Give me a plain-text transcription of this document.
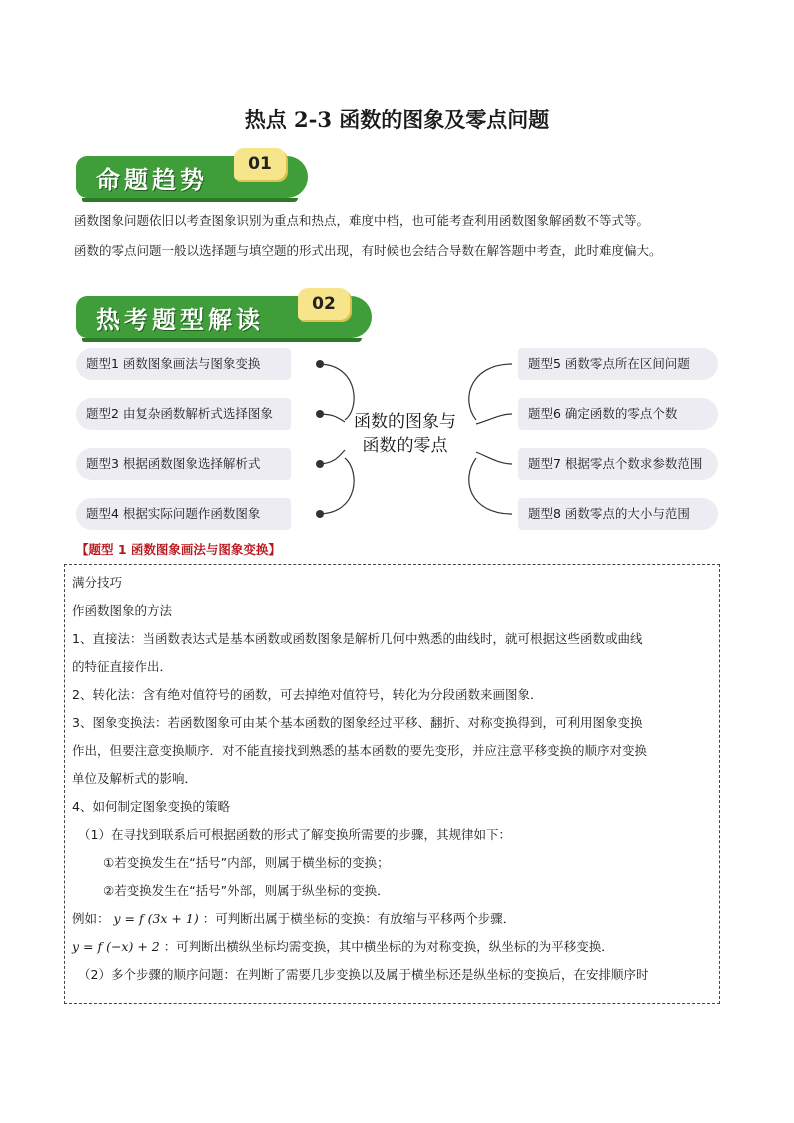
热点 2-3 函数的图象及零点问题
命题趋势
01
函数图象问题依旧以考查图象识别为重点和热点，难度中档，也可能考查利用函数图象解函数不等式等。
函数的零点问题一般以选择题与填空题的形式出现，有时候也会结合导数在解答题中考查，此时难度偏大。
热考题型解读
02
题型1 函数图象画法与图象变换
题型2 由复杂函数解析式选择图象
题型3 根据函数图象选择解析式
题型4 根据实际问题作函数图象
题型5 函数零点所在区间问题
题型6 确定函数的零点个数
题型7 根据零点个数求参数范围
题型8 函数零点的大小与范围
函数的图象与
函数的零点
【题型 1 函数图象画法与图象变换】
满分技巧
作函数图象的方法
1、直接法：当函数表达式是基本函数或函数图象是解析几何中熟悉的曲线时，就可根据这些函数或曲线
的特征直接作出．
2、转化法：含有绝对值符号的函数，可去掉绝对值符号，转化为分段函数来画图象．
3、图象变换法：若函数图象可由某个基本函数的图象经过平移、翻折、对称变换得到，可利用图象变换
作出，但要注意变换顺序．对不能直接找到熟悉的基本函数的要先变形，并应注意平移变换的顺序对变换
单位及解析式的影响．
4、如何制定图象变换的策略
（1）在寻找到联系后可根据函数的形式了解变换所需要的步骤，其规律如下：
①若变换发生在“括号”内部，则属于横坐标的变换；
②若变换发生在“括号”外部，则属于纵坐标的变换．
例如： y = f (3x + 1) ：可判断出属于横坐标的变换：有放缩与平移两个步骤．
y = f (−x) + 2 ：可判断出横纵坐标均需变换，其中横坐标的为对称变换，纵坐标的为平移变换．
（2）多个步骤的顺序问题：在判断了需要几步变换以及属于横坐标还是纵坐标的变换后，在安排顺序时
